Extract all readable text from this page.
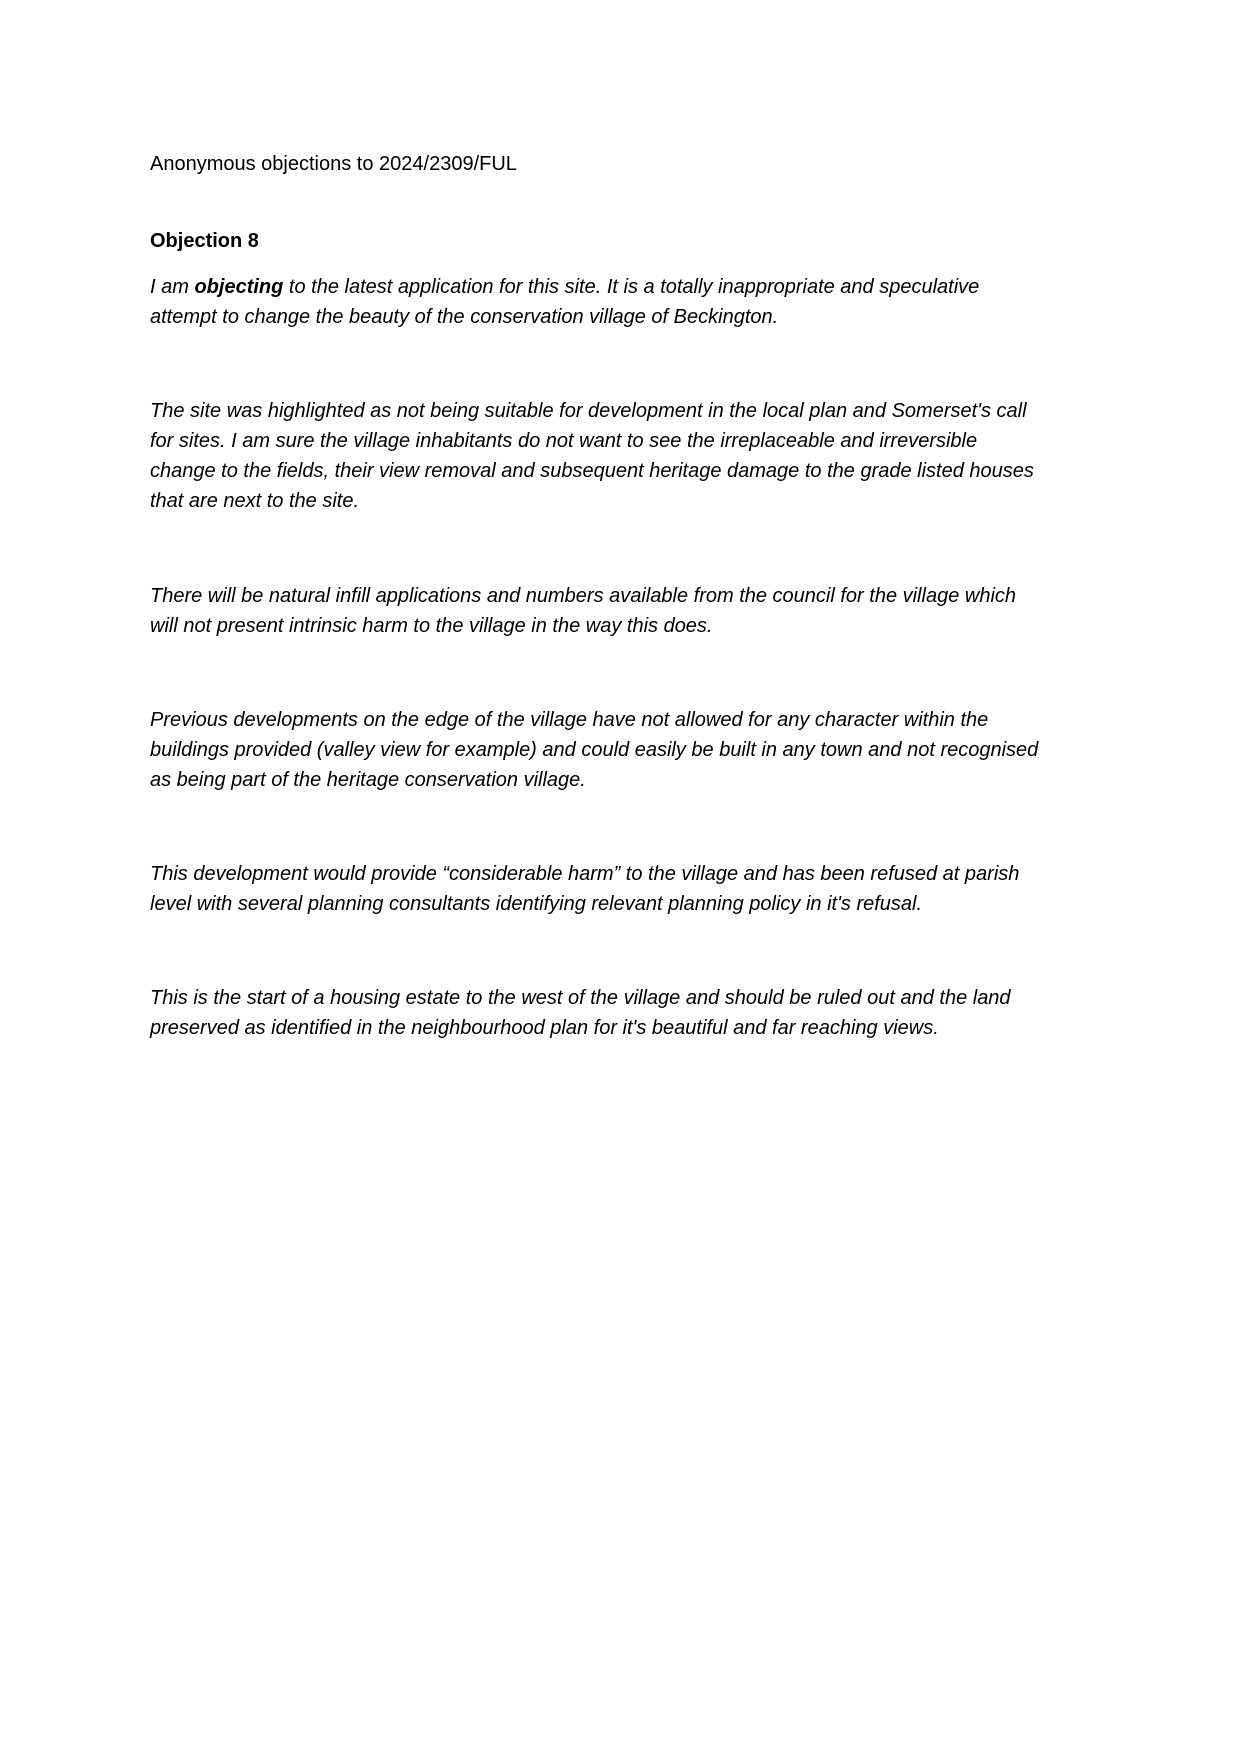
Anonymous objections to 2024/2309/FUL
Objection 8
I am objecting to the latest application for this site. It is a totally inappropriate and speculative
attempt to change the beauty of the conservation village of Beckington.
The site was highlighted as not being suitable for development in the local plan and Somerset's call
for sites. I am sure the village inhabitants do not want to see the irreplaceable and irreversible
change to the fields, their view removal and subsequent heritage damage to the grade listed houses
that are next to the site.
There will be natural infill applications and numbers available from the council for the village which
will not present intrinsic harm to the village in the way this does.
Previous developments on the edge of the village have not allowed for any character within the
buildings provided (valley view for example) and could easily be built in any town and not recognised
as being part of the heritage conservation village.
This development would provide “considerable harm” to the village and has been refused at parish
level with several planning consultants identifying relevant planning policy in it's refusal.
This is the start of a housing estate to the west of the village and should be ruled out and the land
preserved as identified in the neighbourhood plan for it's beautiful and far reaching views.
